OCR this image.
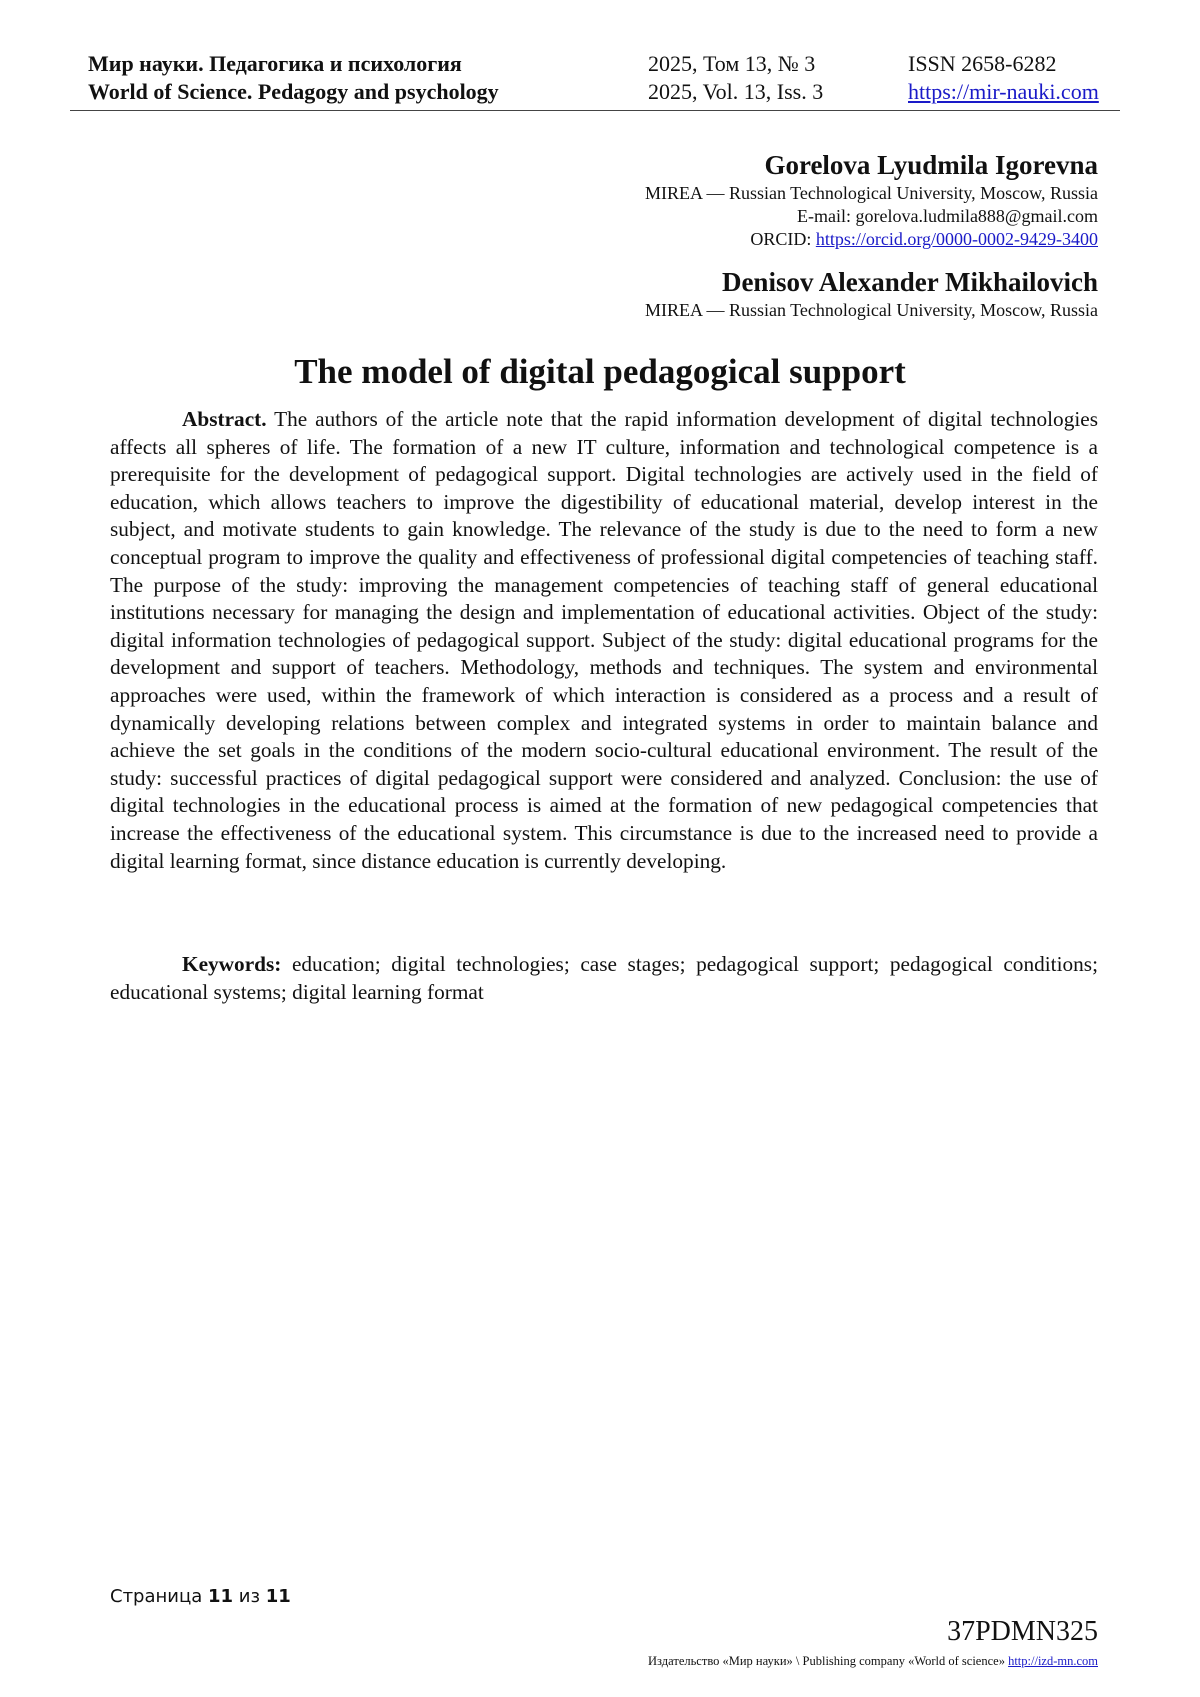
Мир науки. Педагогика и психология	2025, Том 13, № 3	ISSN 2658-6282
World of Science. Pedagogy and psychology	2025, Vol. 13, Iss. 3	https://mir-nauki.com
Gorelova Lyudmila Igorevna
MIREA — Russian Technological University, Moscow, Russia
E-mail: gorelova.ludmila888@gmail.com
ORCID: https://orcid.org/0000-0002-9429-3400
Denisov Alexander Mikhailovich
MIREA — Russian Technological University, Moscow, Russia
The model of digital pedagogical support
Abstract. The authors of the article note that the rapid information development of digital technologies affects all spheres of life. The formation of a new IT culture, information and technological competence is a prerequisite for the development of pedagogical support. Digital technologies are actively used in the field of education, which allows teachers to improve the digestibility of educational material, develop interest in the subject, and motivate students to gain knowledge. The relevance of the study is due to the need to form a new conceptual program to improve the quality and effectiveness of professional digital competencies of teaching staff. The purpose of the study: improving the management competencies of teaching staff of general educational institutions necessary for managing the design and implementation of educational activities. Object of the study: digital information technologies of pedagogical support. Subject of the study: digital educational programs for the development and support of teachers. Methodology, methods and techniques. The system and environmental approaches were used, within the framework of which interaction is considered as a process and a result of dynamically developing relations between complex and integrated systems in order to maintain balance and achieve the set goals in the conditions of the modern socio-cultural educational environment. The result of the study: successful practices of digital pedagogical support were considered and analyzed. Conclusion: the use of digital technologies in the educational process is aimed at the formation of new pedagogical competencies that increase the effectiveness of the educational system. This circumstance is due to the increased need to provide a digital learning format, since distance education is currently developing.
Keywords: education; digital technologies; case stages; pedagogical support; pedagogical conditions; educational systems; digital learning format
Страница 11 из 11
37PDMN325
Издательство «Мир науки» \ Publishing company «World of science» http://izd-mn.com
